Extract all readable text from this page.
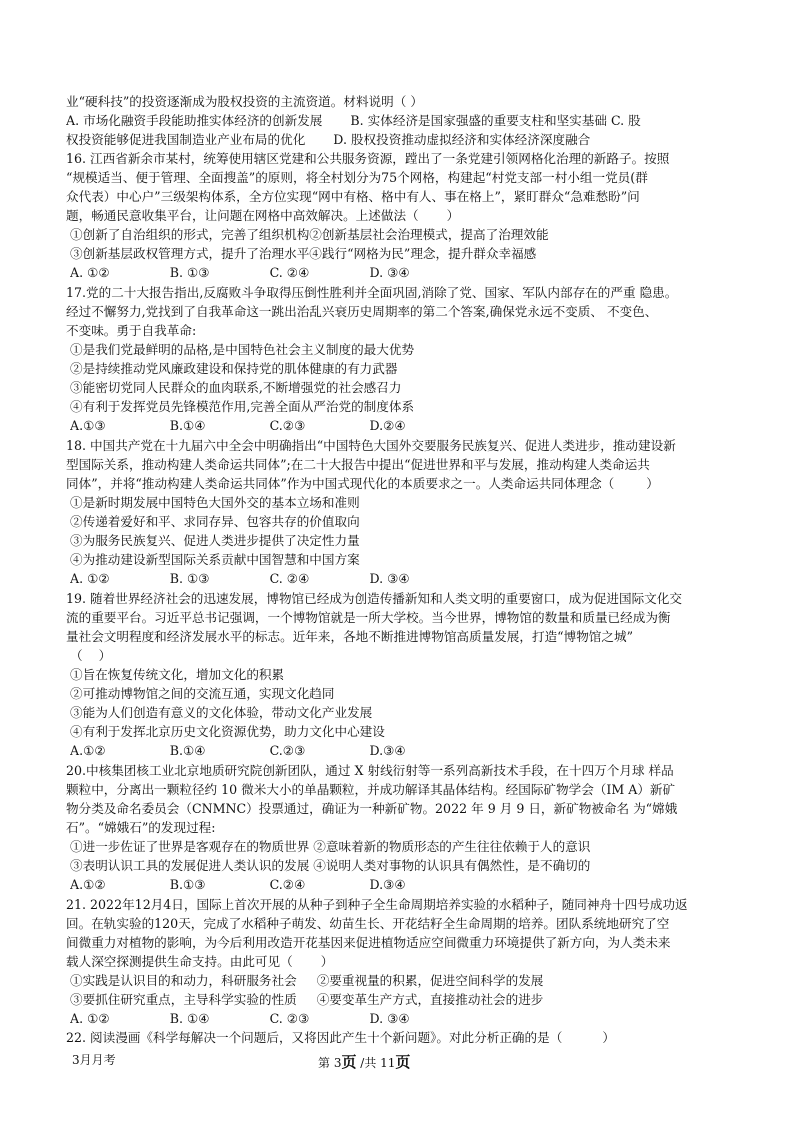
业“硬科技”的投资逐渐成为股权投资的主流资道。材料说明（ ）
A. 市场化融资手段能助推实体经济的创新发展       B. 实体经济是国家强盛的重要支柱和坚实基础 C. 股
权投资能够促进我国制造业产业布局的优化       D. 股权投资推动虚拟经济和实体经济深度融合
16. 江西省新余市某村，统筹使用辖区党建和公共服务资源，蹚出了一条党建引领网格化治理的新路子。按照
“规模适当、便于管理、全面搜盖”的原则，将全村划分为75个网格，构建起“村党支部一村小组一党员(群
众代表）中心户”三级架构体系，全方位实现“网中有格、格中有人、事在格上”，紧盯群众“急难愁盼”问
题，畅通民意收集平台，让问题在网格中高效解决。上述做法（       ）
①创新了自治组织的形式，完善了组织机构②创新基层社会治理模式，提高了治理效能
③创新基层政权管理方式，提升了治理水平④践行“网格为民”理念，提升群众幸福感
A. ①②               B. ①③               C. ②④               D. ③④
17.党的二十大报告指出,反腐败斗争取得压倒性胜利并全面巩固,消除了党、国家、军队内部存在的严重 隐患。
经过不懈努力,党找到了自我革命这一跳出治乱兴衰历史周期率的第二个答案,确保党永远不变质、 不变色、
不变味。勇于自我革命:
①是我们党最鲜明的品格,是中国特色社会主义制度的最大优势
②是持续推动党风廉政建设和保持党的肌体健康的有力武器
③能密切党同人民群众的血肉联系,不断增强党的社会感召力
④有利于发挥党员先锋模范作用,完善全面从严治党的制度体系
A.①③                B.①④                C.②③                D.②④
18. 中国共产党在十九届六中全会中明确指出“中国特色大国外交要服务民族复兴、促进人类进步，推动建设新
型国际关系，推动构建人类命运共同体”;在二十大报告中提出“促进世界和平与发展，推动构建人类命运共
同体”，并将“推动构建人类命运共同体”作为中国式现代化的本质要求之一。人类命运共同体理念（        ）
①是新时期发展中国特色大国外交的基本立场和准则
②传递着爱好和平、求同存异、包容共存的价值取向
③为服务民族复兴、促进人类进步提供了决定性力量
④为推动建设新型国际关系贡献中国智慧和中国方案
A. ①②               B. ①③               C. ②④               D. ③④
19. 随着世界经济社会的迅速发展，博物馆已经成为创造传播新知和人类文明的重要窗口，成为促进国际文化交
流的重要平台。习近平总书记强调，一个博物馆就是一所大学校。当今世界，博物馆的数量和质量已经成为衡
量社会文明程度和经济发展水平的标志。近年来，各地不断推进博物馆高质量发展，打造“博物馆之城”
（    ）
①旨在恢复传统文化，增加文化的积累
②可推动博物馆之间的交流互通，实现文化趋同
③能为人们创造有意义的文化体验，带动文化产业发展
④有利于发挥北京历史文化资源优势，助力文化中心建设
A.①②                B.①④                C.②③                D.③④
20.中核集团核工业北京地质研究院创新团队，通过 X 射线衍射等一系列高新技术手段，在十四万个月球 样品
颗粒中，分离出一颗粒径约 10 微米大小的单晶颗粒，并成功解译其晶体结构。经国际矿物学会（IM A）新矿
物分类及命名委员会（CNMNC）投票通过，确证为一种新矿物。2022 年 9 月 9 日，新矿物被命名 为“嫦娥
石”。“嫦娥石”的发现过程:
①进一步佐证了世界是客观存在的物质世界 ②意味着新的物质形态的产生往往依赖于人的意识
③表明认识工具的发展促进人类认识的发展 ④说明人类对事物的认识具有偶然性，是不确切的
A.①②                B.①③                C.②④                D.③④
21. 2022年12月4日，国际上首次开展的从种子到种子全生命周期培养实验的水稻种子，随同神舟十四号成功返
回。在轨实验的120天，完成了水稻种子萌发、幼苗生长、开花结籽全生命周期的培养。团队系统地研究了空
间微重力对植物的影响，为今后利用改造开花基因来促进植物适应空间微重力环境提供了新方向，为人类未来
载人深空探测提供生命支持。由此可见（       ）
①实践是认识目的和动力，科研服务社会     ②要重视量的积累，促进空间科学的发展
③要抓住研究重点，主导科学实验的性质     ④要变革生产方式，直接推动社会的进步
A. ①②               B. ①④               C. ②③               D. ③④
22. 阅读漫画《科学每解决一个问题后，又将因此产生十个新问题》。对此分析正确的是（          ）
3月月考	第 3页 /共 11页
